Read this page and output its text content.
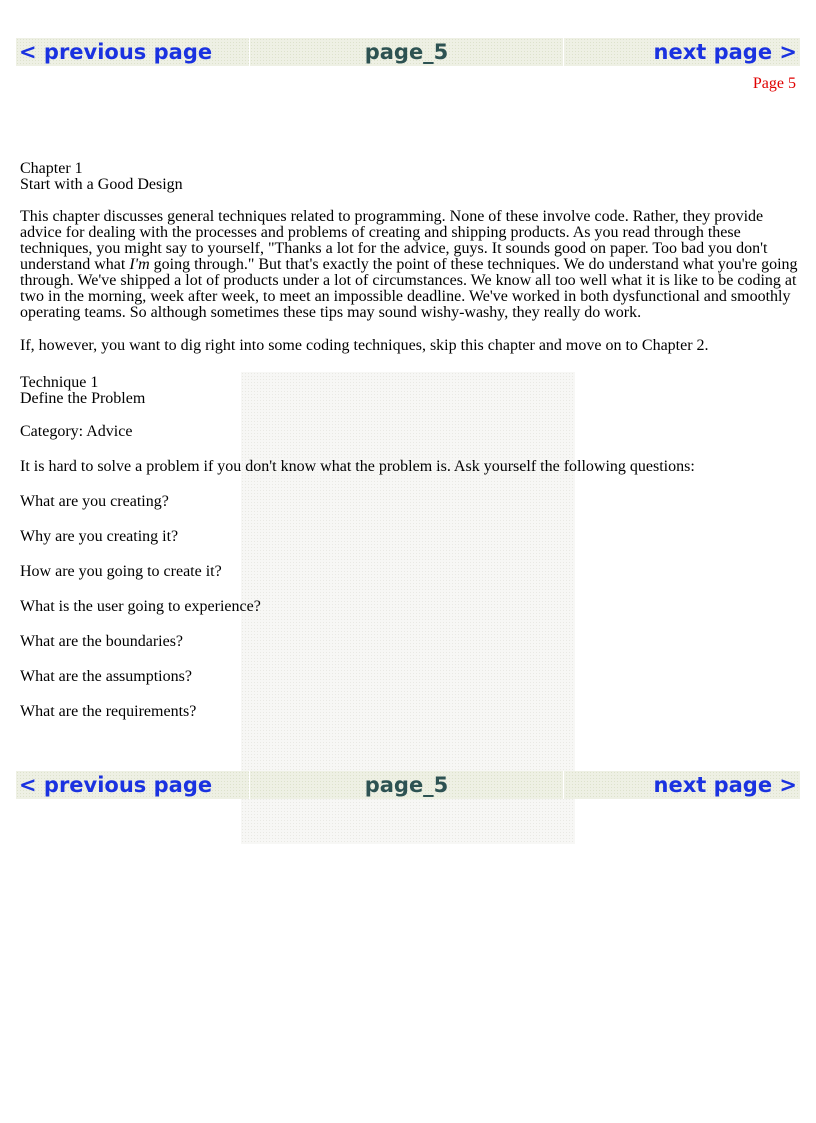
< previous page	page_5	next page >
Page 5

Chapter 1

Start with a Good Design

This chapter discusses general techniques related to programming. None of these involve code. Rather, they provide advice for dealing with the processes and problems of creating and shipping products. As you read through these techniques, you might say to yourself, "Thanks a lot for the advice, guys. It sounds good on paper. Too bad you don't understand what I'm going through." But that's exactly the point of these techniques. We do understand what you're going through. We've shipped a lot of products under a lot of circumstances. We know all too well what it is like to be coding at two in the morning, week after week, to meet an impossible deadline. We've worked in both dysfunctional and smoothly operating teams. So although sometimes these tips may sound wishy-washy, they really do work.

If, however, you want to dig right into some coding techniques, skip this chapter and move on to Chapter 2.

Technique 1

Define the Problem

Category: Advice

It is hard to solve a problem if you don't know what the problem is. Ask yourself the following questions:

What are you creating?

Why are you creating it?

How are you going to create it?

What is the user going to experience?

What are the boundaries?

What are the assumptions?

What are the requirements?

< previous page	page_5	next page >
